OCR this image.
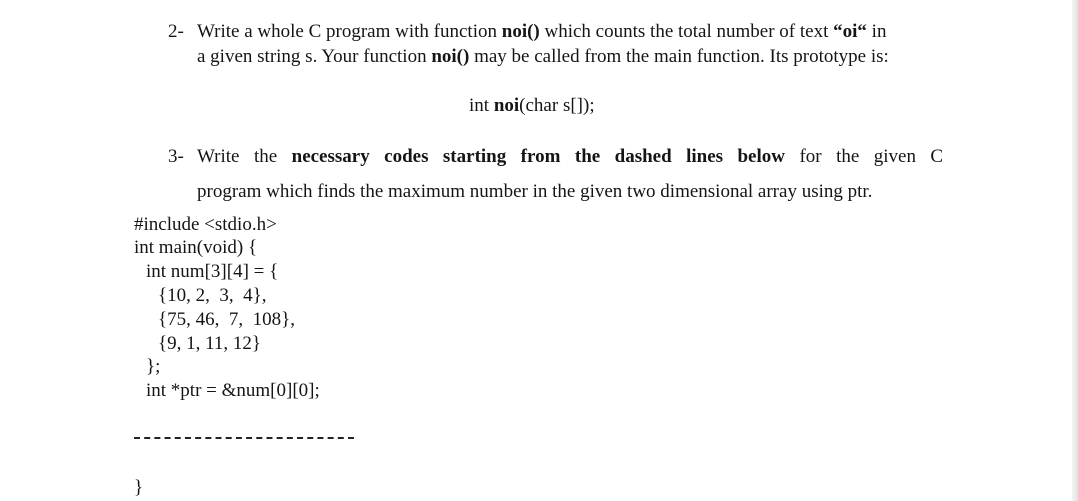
2- Write a whole C program with function noi() which counts the total number of text “oi“ in
a given string s. Your function noi() may be called from the main function. Its prototype is:
int noi(char s[]);
3- Write the necessary codes starting from the dashed lines below for the given C
program which finds the maximum number in the given two dimensional array using ptr.
#include <stdio.h>
int main(void) {
int num[3][4] = {
{10, 2,  3,  4},
{75, 46,  7,  108},
{9, 1, 11, 12}
};
int *ptr = &num[0][0];
}
